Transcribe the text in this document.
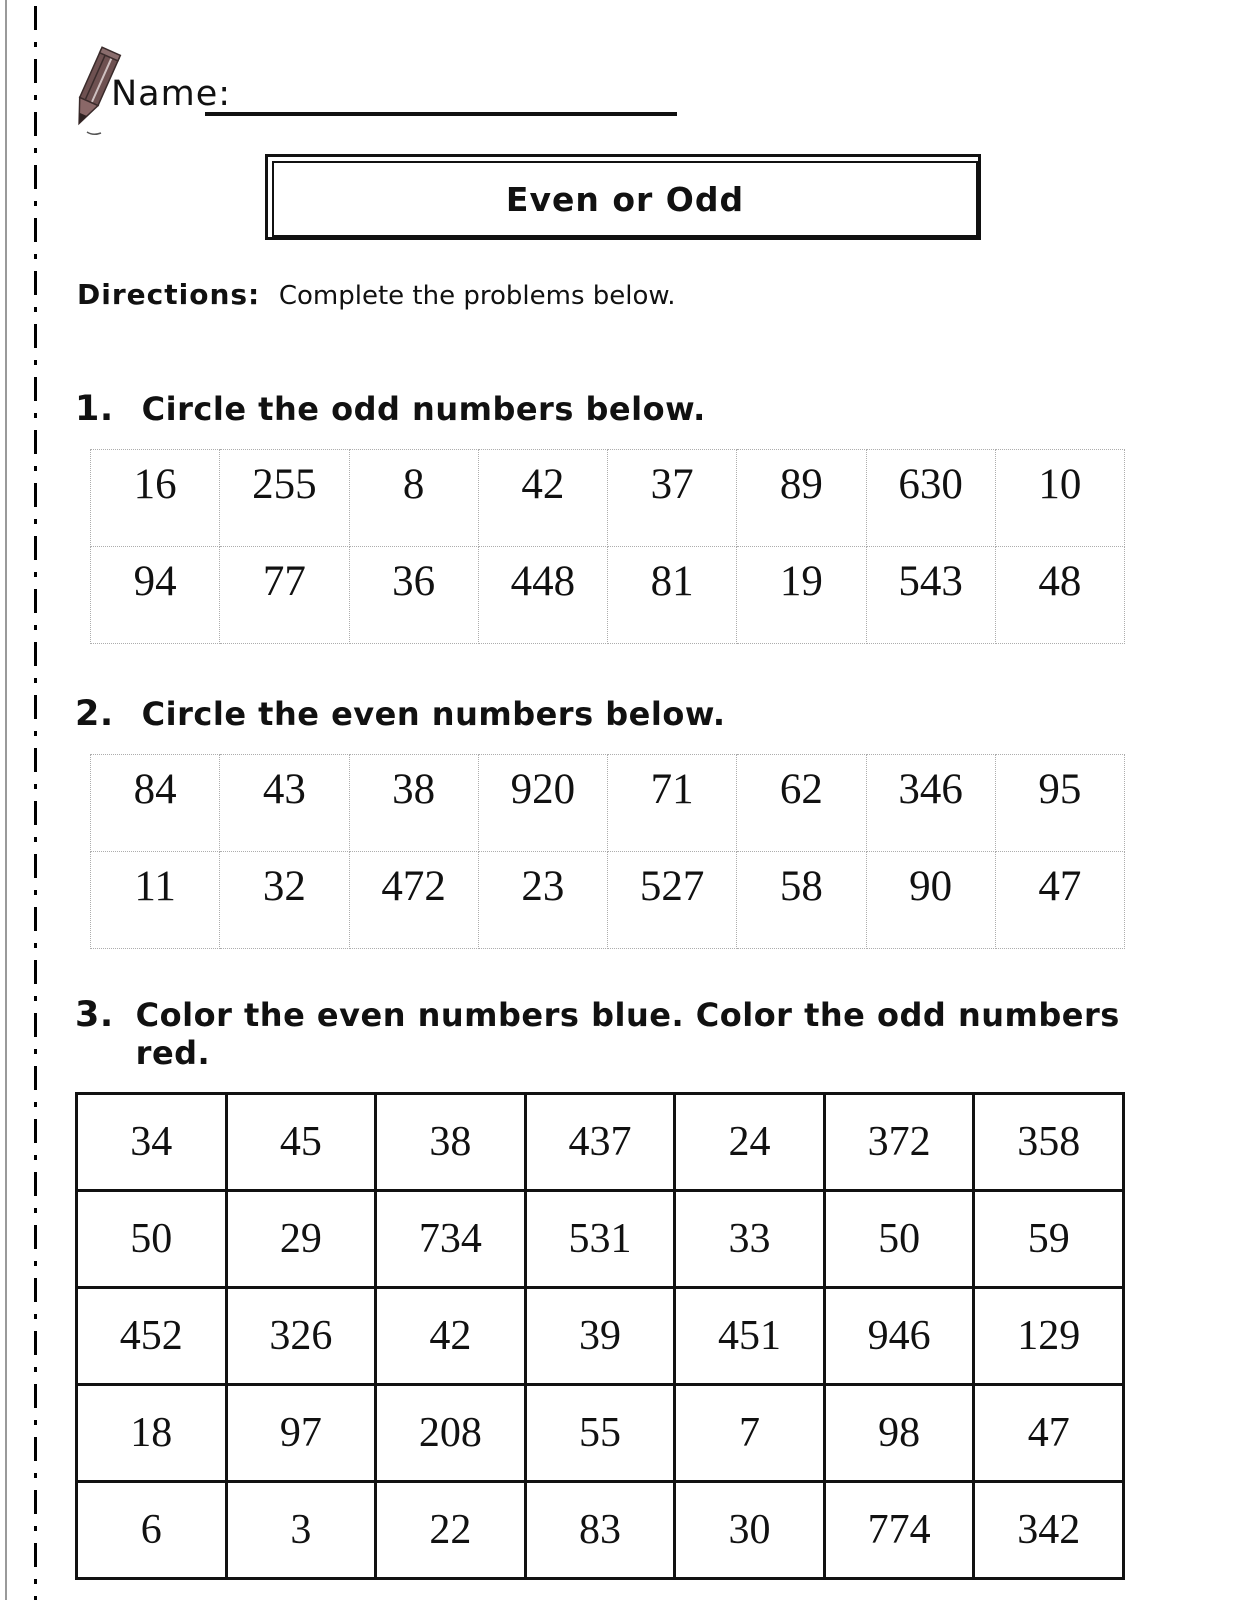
Name:
Even or Odd

Directions: Complete the problems below.

1. Circle the odd numbers below.
16	255	8	42	37	89	630	10
94	77	36	448	81	19	543	48
2. Circle the even numbers below.
84	43	38	920	71	62	346	95
11	32	472	23	527	58	90	47
3. Color the even numbers blue. Color the odd numbers red.
34	45	38	437	24	372	358
50	29	734	531	33	50	59
452	326	42	39	451	946	129
18	97	208	55	7	98	47
6	3	22	83	30	774	342
